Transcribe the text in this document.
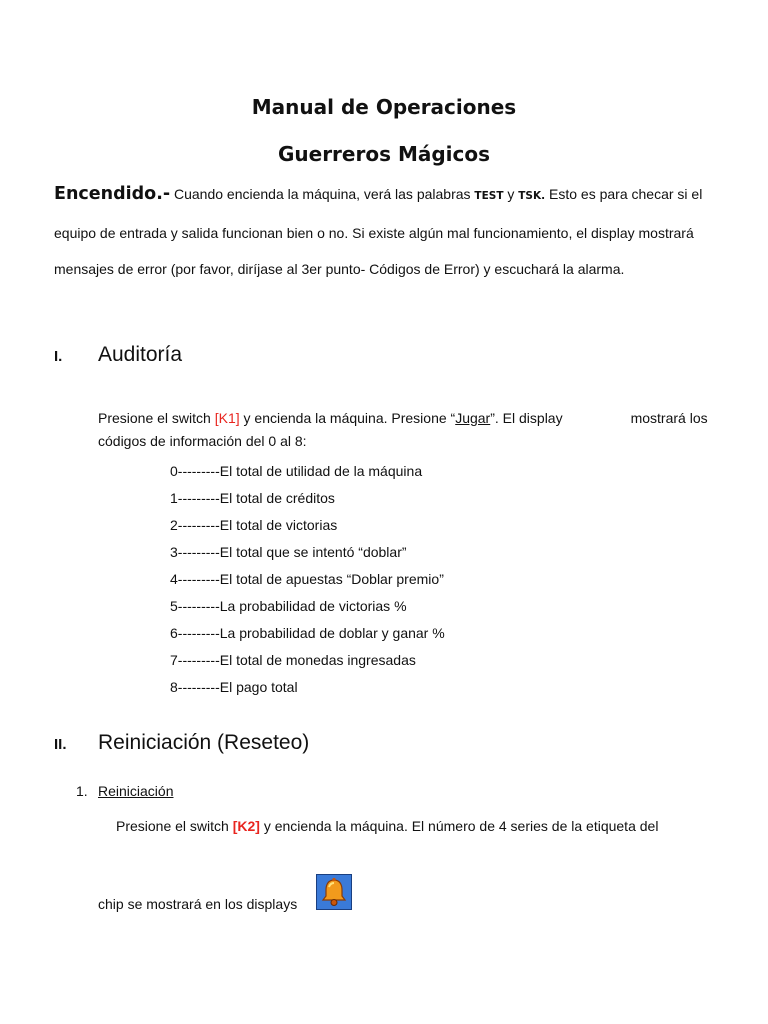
Manual de Operaciones
Guerreros Mágicos
Encendido.- Cuando encienda la máquina, verá las palabras TEST y TSK. Esto es para checar si el equipo de entrada y salida funcionan bien o no. Si existe algún mal funcionamiento, el display mostrará mensajes de error (por favor, diríjase al 3er punto- Códigos de Error) y escuchará la alarma.
I. Auditoría
Presione el switch [K1] y encienda la máquina. Presione “Jugar”. El display	mostrará los códigos de información del 0 al 8:
0---------El total de utilidad de la máquina
1---------El total de créditos
2---------El total de victorias
3---------El total que se intentó “doblar”
4---------El total de apuestas “Doblar premio”
5---------La probabilidad de victorias %
6---------La probabilidad de doblar y ganar %
7---------El total de monedas ingresadas
8---------El pago total
II. Reiniciación (Reseteo)
1. Reiniciación
Presione el switch [K2] y encienda la máquina. El número de 4 series de la etiqueta del
chip se mostrará en los displays
